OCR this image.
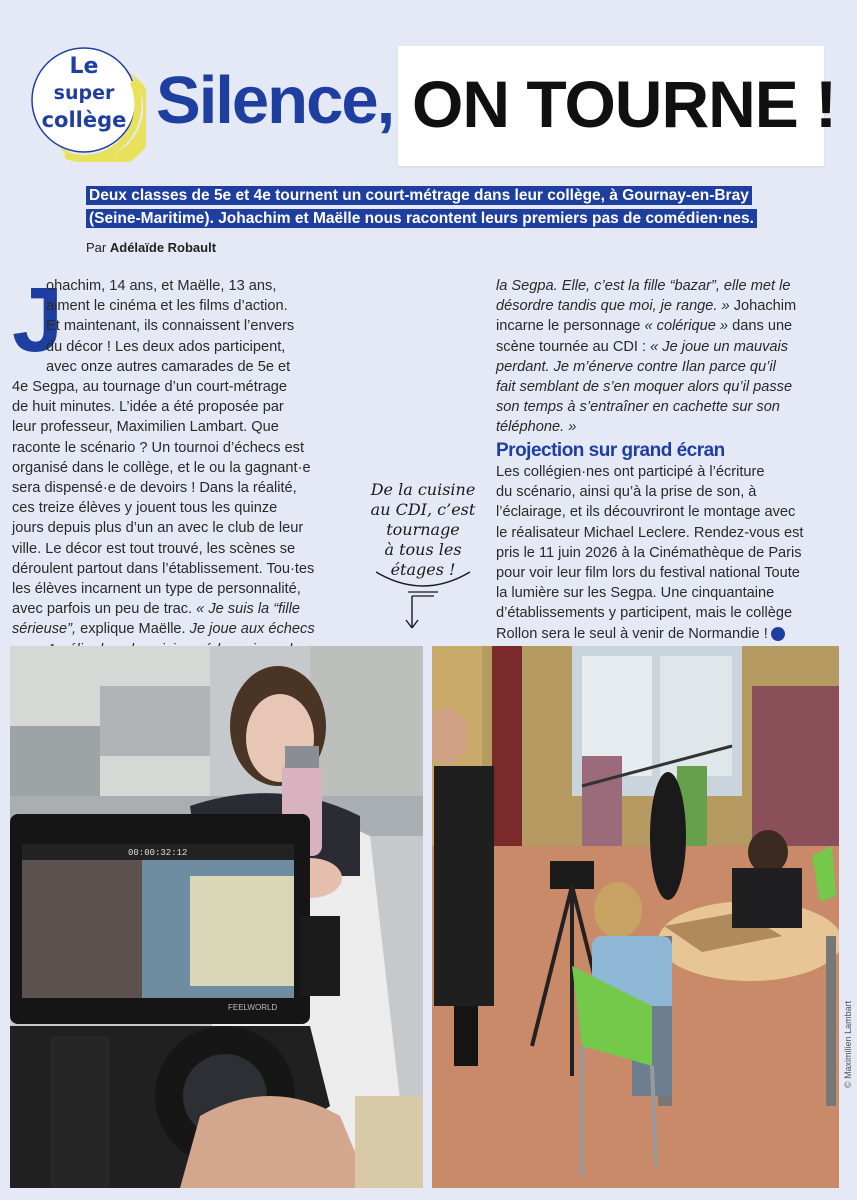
Le
super
collège Silence, ON TOURNE !
Deux classes de 5e et 4e tournent un court-métrage dans leur collège, à Gournay-en-Bray
(Seine-Maritime). Johachim et Maëlle nous racontent leurs premiers pas de comédien·nes.
Par Adélaïde Robault
J
ohachim, 14 ans, et Maëlle, 13 ans,
aiment le cinéma et les films d’action.
Et maintenant, ils connaissent l’envers
du décor ! Les deux ados participent,
avec onze autres camarades de 5e et
4e Segpa, au tournage d’un court-métrage
de huit minutes. L’idée a été proposée par
leur professeur, Maximilien Lambart. Que
raconte le scénario ? Un tournoi d’échecs est
organisé dans le collège, et le ou la gagnant·e
sera dispensé·e de devoirs ! Dans la réalité,
ces treize élèves y jouent tous les quinze
jours depuis plus d’un an avec le club de leur
ville. Le décor est tout trouvé, les scènes se
déroulent partout dans l’établissement. Tou·tes
les élèves incarnent un type de personnalité,
avec parfois un peu de trac. « Je suis la “fille
sérieuse”, explique Maëlle. Je joue aux échecs
De la cuisine
au CDI, c’est
tournage
à tous les
étages !
la Segpa. Elle, c’est la fille “bazar”, elle met le
désordre tandis que moi, je range. » Johachim
incarne le personnage « colérique » dans une
scène tournée au CDI : « Je joue un mauvais
perdant. Je m’énerve contre Ilan parce qu’il
fait semblant de s’en moquer alors qu’il passe
son temps à s’entraîner en cachette sur son
téléphone. »
Projection sur grand écran
Les collégien·nes ont participé à l’écriture
du scénario, ainsi qu’à la prise de son, à
l’éclairage, et ils découvriront le montage avec
le réalisateur Michael Leclere. Rendez-vous est
pris le 11 juin 2026 à la Cinémathèque de Paris
pour voir leur film lors du festival national Toute
la lumière sur les Segpa. Une cinquantaine
d’établissements y participent, mais le collège
Rollon sera le seul à venir de Normandie !
00:00:32:12
FEELWORLD	© Maximilien Lambart
